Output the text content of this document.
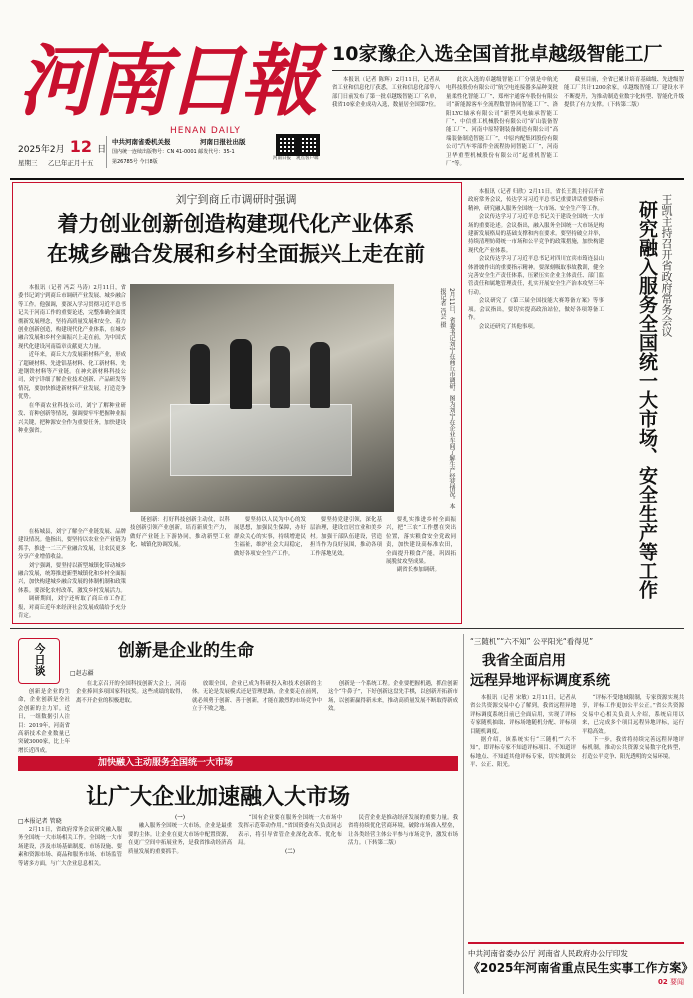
河南日報
HENAN DAILY
2025年2月 12 日
星期三 乙巳年正月十五
中共河南省委机关报	河南日报社出版
国内统一连续出版物号：CN 41-0001 邮发代号：35-1
第26785号 今日8版
河南日报 观点客户端
10家豫企入选全国首批卓越级智能工厂

本报讯（记者 陈辉）2月11日，记者从省工业和信息化厅获悉，工业和信息化部等八部门日前发布了第一批卓越级智能工厂名单，我省10家企业成功入选，数量居全国第7位。

此次入选的卓越级智能工厂分别是中航光电科技股份有限公司“航空电连接器多品种变批量柔性化智能工厂”、郑州宇通客车股份有限公司“新能源客车全流程数智协同智能工厂”、洛阳LYC轴承有限公司“新型风电轴承智能工厂”、中信重工机械股份有限公司“矿山装备智能工厂”、河南中原特钢装备制造有限公司“高端装备制造智能工厂”，中原内配集团股份有限公司“汽车零部件全流程协同智能工厂”，河南卫华重型机械股份有限公司“起重机智能工厂”等。

截至目前，全省已累计培育基础级、先进级智能工厂共计1200余家，卓越级智能工厂建设水平不断提升，为推动制造业数字化转型、智能化升级提供了有力支撑。（下转第二版）

刘宁到商丘市调研时强调
着力创业创新创造构建现代化产业体系
在城乡融合发展和乡村全面振兴上走在前

本报讯（记者 冯芸 马涛）2月11日，省委书记刘宁到商丘市调研产业发展、城乡融合等工作。他强调，要深入学习贯彻习近平总书记关于河南工作的重要论述，完整准确全面贯彻新发展理念，坚持高质量发展和安全、着力创业创新创造，构建现代化产业体系，在城乡融合发展和乡村全面振兴上走在前，为中国式现代化建设河南篇章贡献更大力量。

近年来，商丘大力发展新材料产业，形成了超硬材料、先进铝基材料、化工新材料、先进钢铁材料等产业链。在神火新材料科技公司，刘宁详细了解企业技术创新、产品研发等情况，要加快推进新材料产业发展，打造竞争优势。

在华商农业科技公司，刘宁了解种业研发、育种创新等情况，强调要牢牢把握种业振兴关键，把种源安全作为重要任务，加快建设种业强省。	2月11日，省委书记刘宁在商丘市调研。图为刘宁在企业车间了解生产经营情况。本报记者 冯芸 摄

链创新：打好科技创新主动仗，以科技创新引领产业创新，培育新质生产力，做好产业链上下游协同，推动新型工业化、城镇化协调发展。

要坚持以人民为中心的发展思想，加强民生保障，办好群众关心的实事，持续增进民生福祉，维护社会大局稳定，做好各项安全生产工作。

要坚持党建引领，深化基层治理，建设宜居宜业和美乡村。加强干部队伍建设，营造担当作为良好氛围，推动各项工作落地见效。

要扎实推进乡村全面振兴，把“三农”工作摆在突出位置，落实粮食安全党政同责，加快建设高标准农田，全面提升粮食产能，巩固拓展脱贫攻坚成果。

副省长参加调研。

在柘城县，刘宁了解全产业链发展、品牌建设情况。他指出，要坚持以农业全产业链为抓手，推进一二三产业融合发展，让农民更多分享产业增值收益。

刘宁强调，要坚持以新型城镇化带动城乡融合发展，统筹推进新型城镇化和乡村全面振兴，加快构建城乡融合发展的体制机制和政策体系。要深化农村改革，激发乡村发展活力。

调研期间，刘宁还听取了商丘市工作汇报，对商丘近年来经济社会发展成绩给予充分肯定。

本报讯（记者 归欣）2月11日，省长王凯主持召开省政府常务会议，传达学习习近平总书记重要讲话重要指示精神，研究融入服务全国统一大市场、安全生产等工作。

会议传达学习了习近平总书记关于建设全国统一大市场的重要论述。会议指出，融入服务全国统一大市场是构建新发展格局的基础支撑和内在要求。要坚持破立并举，持续清理妨碍统一市场和公平竞争的政策措施，加快构建现代化产业体系。

会议传达学习了习近平总书记对四川宜宾市筠连县山体滑坡作出的重要指示精神。要深刻吸取事故教训，健全完善安全生产责任体系，压紧压实企业主体责任、部门监管责任和属地管理责任，扎实开展安全生产治本攻坚三年行动。

会议研究了《第三届全国技能大赛筹备方案》等事项。会议指出，要切实提高政治站位，做好各项筹备工作。

会议还研究了其他事项。	王凯主持召开省政府常务会议
研究融入服务全国统一大市场、安全生产等工作
今日谈	创新是企业的生命
□赵志疆

创新是企业的生命，企业创新是全社会创新的主力军。近日，一组数据引人注目：2019年，河南省高新技术企业数量已突破3000家，比上年增长近四成。

在北京召开的全国科技创新大会上，河南企业捧回多项国家科技奖。这些成绩的取得，离不开企业的积极进取。

放眼全国，企业已成为科研投入和技术创新的主体。无论是发展模式还是管理思路，企业要走在前列，就必须勇于创新、善于创新，才能在激烈的市场竞争中立于不败之地。

创新是一个系统工程。企业要把握机遇，抓住创新这个“牛鼻子”，下好创新这盘先手棋，以创新开拓新市场，以创新赢得新未来，推动高质量发展不断取得新成效。

加快融入主动服务全国统一大市场
让广大企业加速融入大市场
□本报记者 管晓

2月11日，省政府常务会议研究融入服务全国统一大市场相关工作。全国统一大市场建设，涉及市场基础制度、市场设施、要素和资源市场、商品和服务市场、市场监管等诸多方面，与广大企业息息相关。

（一）

融入服务全国统一大市场，企业是最重要的主体。让企业在更大市场中配置资源，在更广空间中拓展业务，是我省推动经济高质量发展的重要抓手。

“国有企业要在服务全国统一大市场中发挥示范带动作用。”省国资委有关负责同志表示，将引导省管企业深化改革、优化布局。

（二）

民营企业是推动经济发展的重要力量。我省将持续优化营商环境，破除市场准入壁垒，让各类经营主体公平参与市场竞争，激发市场活力。（下转第二版）

“三随机”“六不知” 公平阳光“看得见”
我省全面启用
远程异地评标调度系统

本报讯（记者 宋敏）2月11日，记者从省公共资源交易中心了解到，我省远程异地评标调度系统日前已全面启用，实现了评标专家随机抽取、评标场地随机分配、评标项目随机调度。

据介绍，该系统实行“三随机”“六不知”，即评标专家不知道评标项目、不知道评标地点、不知道其他评标专家，切实做到公平、公正、阳光。

“评标不受地域限制，专家资源实现共享，评标工作更加公平公正。”省公共资源交易中心相关负责人介绍，系统启用以来，已完成多个项目远程异地评标，运行平稳高效。

下一步，我省将持续完善远程异地评标机制，推动公共资源交易数字化转型，打造公平竞争、阳光透明的交易环境。

中共河南省委办公厅 河南省人民政府办公厅印发
《2025年河南省重点民生实事工作方案》
02 要闻
